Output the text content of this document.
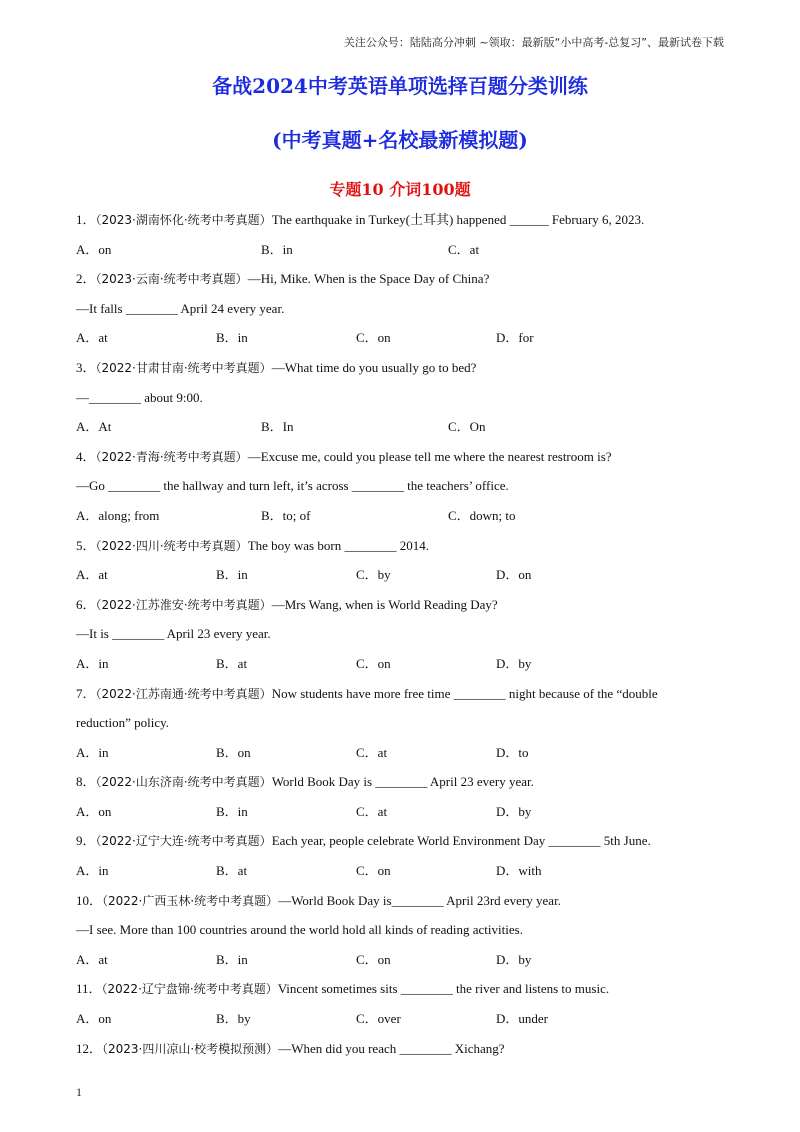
关注公众号：陆陆高分冲刺 ~领取：最新版“小中高考-总复习”、最新试卷下载
备战2024中考英语单项选择百题分类训练
(中考真题+名校最新模拟题)
专题10 介词100题
1．（2023·湖南怀化·统考中考真题）The earthquake in Turkey(土耳其) happened ______ February 6, 2023.
A．on	B．in	C．at
2．（2023·云南·统考中考真题）—Hi, Mike. When is the Space Day of China?
—It falls ________ April 24 every year.
A．at	B．in	C．on	D．for
3．（2022·甘肃甘南·统考中考真题）—What time do you usually go to bed?
—________ about 9:00.
A．At	B．In	C．On
4．（2022·青海·统考中考真题）—Excuse me, could you please tell me where the nearest restroom is?
—Go ________ the hallway and turn left, it’s across ________ the teachers’ office.
A．along; from	B．to; of	C．down; to
5．（2022·四川·统考中考真题）The boy was born ________ 2014.
A．at	B．in	C．by	D．on
6．（2022·江苏淮安·统考中考真题）—Mrs Wang, when is World Reading Day?
—It is ________ April 23 every year.
A．in	B．at	C．on	D．by
7．（2022·江苏南通·统考中考真题）Now students have more free time ________ night because of the “double
reduction” policy.
A．in	B．on	C．at	D．to
8．（2022·山东济南·统考中考真题）World Book Day is ________ April 23 every year.
A．on	B．in	C．at	D．by
9．（2022·辽宁大连·统考中考真题）Each year, people celebrate World Environment Day ________ 5th June.
A．in	B．at	C．on	D．with
10．（2022·广西玉林·统考中考真题）—World Book Day is________ April 23rd every year.
—I see. More than 100 countries around the world hold all kinds of reading activities.
A．at	B．in	C．on	D．by
11．（2022·辽宁盘锦·统考中考真题）Vincent sometimes sits ________ the river and listens to music.
A．on	B．by	C．over	D．under
12．（2023·四川凉山·校考模拟预测）—When did you reach ________ Xichang?
1
